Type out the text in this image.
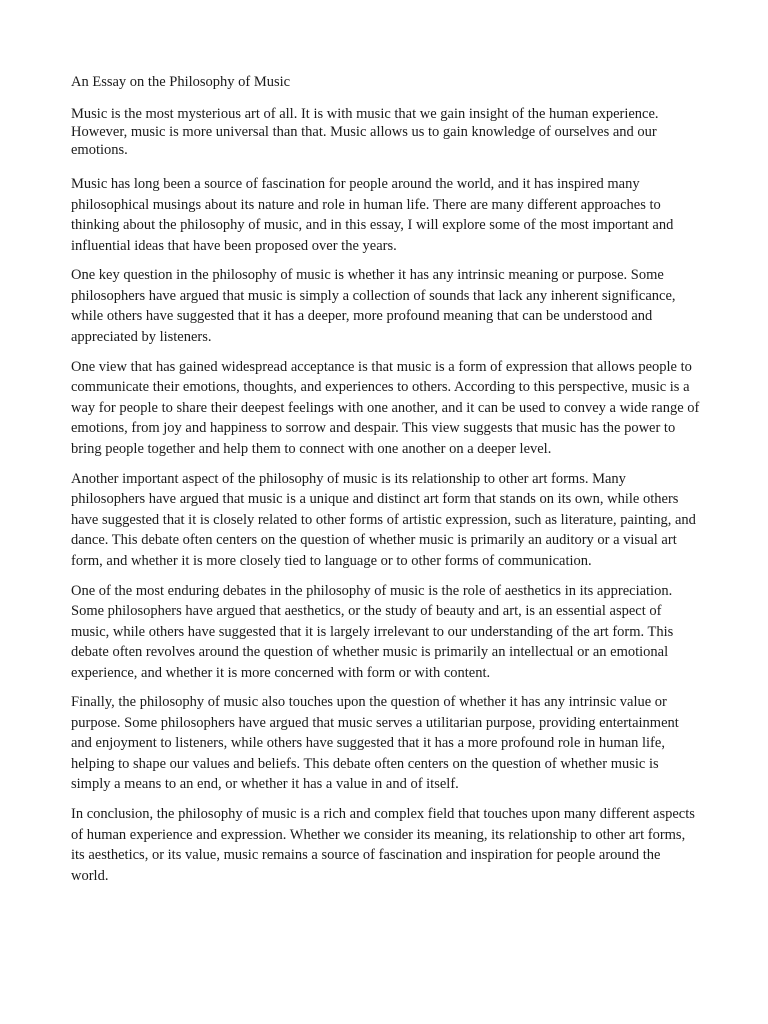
An Essay on the Philosophy of Music

Music is the most mysterious art of all. It is with music that we gain insight of the human experience. However, music is more universal than that. Music allows us to gain knowledge of ourselves and our emotions.

Music has long been a source of fascination for people around the world, and it has inspired many philosophical musings about its nature and role in human life. There are many different approaches to thinking about the philosophy of music, and in this essay, I will explore some of the most important and influential ideas that have been proposed over the years.

One key question in the philosophy of music is whether it has any intrinsic meaning or purpose. Some philosophers have argued that music is simply a collection of sounds that lack any inherent significance, while others have suggested that it has a deeper, more profound meaning that can be understood and appreciated by listeners.

One view that has gained widespread acceptance is that music is a form of expression that allows people to communicate their emotions, thoughts, and experiences to others. According to this perspective, music is a way for people to share their deepest feelings with one another, and it can be used to convey a wide range of emotions, from joy and happiness to sorrow and despair. This view suggests that music has the power to bring people together and help them to connect with one another on a deeper level.

Another important aspect of the philosophy of music is its relationship to other art forms. Many philosophers have argued that music is a unique and distinct art form that stands on its own, while others have suggested that it is closely related to other forms of artistic expression, such as literature, painting, and dance. This debate often centers on the question of whether music is primarily an auditory or a visual art form, and whether it is more closely tied to language or to other forms of communication.

One of the most enduring debates in the philosophy of music is the role of aesthetics in its appreciation. Some philosophers have argued that aesthetics, or the study of beauty and art, is an essential aspect of music, while others have suggested that it is largely irrelevant to our understanding of the art form. This debate often revolves around the question of whether music is primarily an intellectual or an emotional experience, and whether it is more concerned with form or with content.

Finally, the philosophy of music also touches upon the question of whether it has any intrinsic value or purpose. Some philosophers have argued that music serves a utilitarian purpose, providing entertainment and enjoyment to listeners, while others have suggested that it has a more profound role in human life, helping to shape our values and beliefs. This debate often centers on the question of whether music is simply a means to an end, or whether it has a value in and of itself.

In conclusion, the philosophy of music is a rich and complex field that touches upon many different aspects of human experience and expression. Whether we consider its meaning, its relationship to other art forms, its aesthetics, or its value, music remains a source of fascination and inspiration for people around the world.
